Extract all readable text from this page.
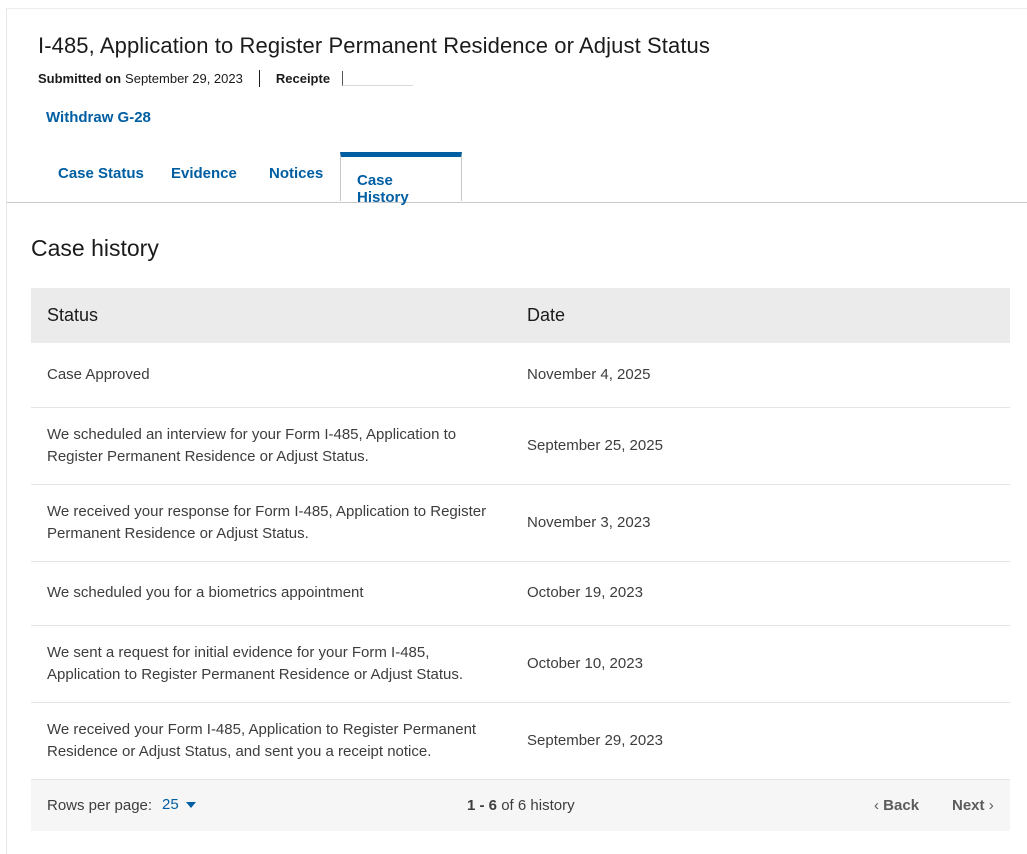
I-485, Application to Register Permanent Residence or Adjust Status
Submitted on September 29, 2023	Receipte
Withdraw G-28
Case Status Evidence Notices	Case History
Case history
Status	Date

Case Approved	November 4, 2025

We scheduled an interview for your Form I-485, Application to Register Permanent Residence or Adjust Status.	September 25, 2025

We received your response for Form I-485, Application to Register Permanent Residence or Adjust Status.	November 3, 2023

We scheduled you for a biometrics appointment	October 19, 2023

We sent a request for initial evidence for your Form I-485, Application to Register Permanent Residence or Adjust Status.	October 10, 2023

We received your Form I-485, Application to Register Permanent Residence or Adjust Status, and sent you a receipt notice.	September 29, 2023
Rows per page: 25	1 - 6 of 6 history	‹ Back Next ›
